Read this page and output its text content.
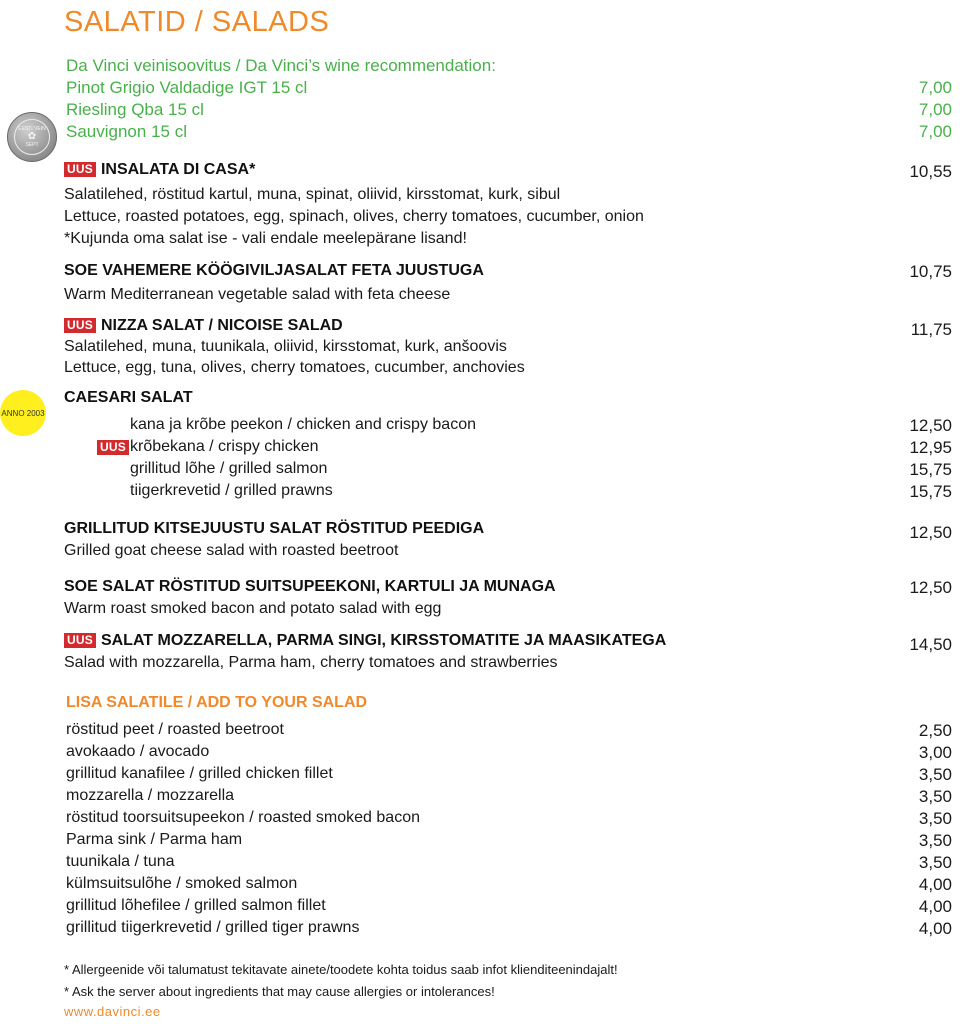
SALATID / SALADS
Da Vinci veinisoovitus / Da Vinci’s wine recommendation:
Pinot Grigio Valdadige IGT 15 cl	7,00
Riesling Qba 15 cl	7,00
Sauvignon 15 cl	7,00
EESTI VEIN
✿
SEPT
ANNO 2003
UUS INSALATA DI CASA*	10,55
Salatilehed, röstitud kartul, muna, spinat, oliivid, kirsstomat, kurk, sibul
Lettuce, roasted potatoes, egg, spinach, olives, cherry tomatoes, cucumber, onion
*Kujunda oma salat ise - vali endale meelepärane lisand!
SOE VAHEMERE KÖÖGIVILJASALAT FETA JUUSTUGA	10,75
Warm Mediterranean vegetable salad with feta cheese
UUS NIZZA SALAT / NICOISE SALAD	11,75
Salatilehed, muna, tuunikala, oliivid, kirsstomat, kurk, anšoovis
Lettuce, egg, tuna, olives, cherry tomatoes, cucumber, anchovies
CAESARI SALAT
kana ja krõbe peekon / chicken and crispy bacon	12,50
UUS krõbekana / crispy chicken	12,95
grillitud lõhe / grilled salmon	15,75
tiigerkrevetid / grilled prawns	15,75
GRILLITUD KITSEJUUSTU SALAT RÖSTITUD PEEDIGA	12,50
Grilled goat cheese salad with roasted beetroot
SOE SALAT RÖSTITUD SUITSUPEEKONI, KARTULI JA MUNAGA	12,50
Warm roast smoked bacon and potato salad with egg
UUS SALAT MOZZARELLA, PARMA SINGI, KIRSSTOMATITE JA MAASIKATEGA	14,50
Salad with mozzarella, Parma ham, cherry tomatoes and strawberries
LISA SALATILE / ADD TO YOUR SALAD
röstitud peet / roasted beetroot	2,50
avokaado / avocado	3,00
grillitud kanafilee / grilled chicken fillet	3,50
mozzarella / mozzarella	3,50
röstitud toorsuitsupeekon / roasted smoked bacon	3,50
Parma sink / Parma ham	3,50
tuunikala / tuna	3,50
külmsuitsulõhe / smoked salmon	4,00
grillitud lõhefilee / grilled salmon fillet	4,00
grillitud tiigerkrevetid / grilled tiger prawns	4,00
* Allergeenide või talumatust tekitavate ainete/toodete kohta toidus saab infot klienditeenindajalt!
* Ask the server about ingredients that may cause allergies or intolerances!
www.davinci.ee
